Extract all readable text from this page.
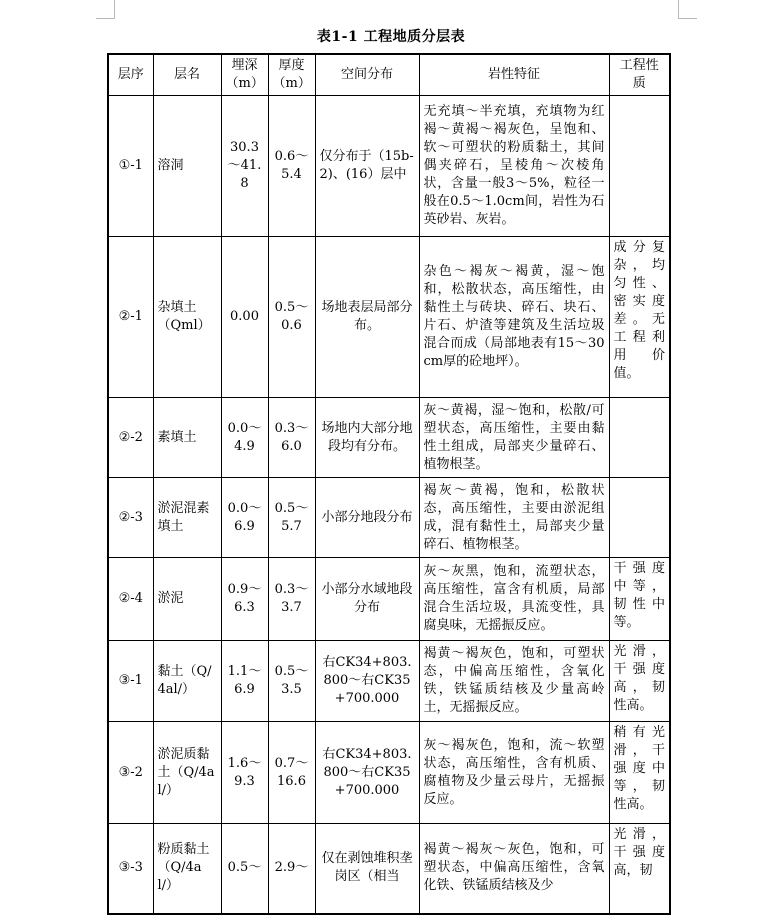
表1-1 工程地质分层表
层序	层名	埋深（m）	厚度（m）	空间分布	岩性特征	工程性质
①-1	溶洞	30.3～41.8	0.6～5.4	仅分布于（15b-2)、(16）层中	无充填～半充填，充填物为红褐～黄褐～褐灰色，呈饱和、软～可塑状的粉质黏土，其间偶夹碎石，呈棱角～次棱角状，含量一般3～5%，粒径一般在0.5～1.0cm间，岩性为石英砂岩、灰岩。	
②-1	杂填土（Qml）	0.00	0.5～0.6	场地表层局部分布。	杂色～褐灰～褐黄，湿～饱和，松散状态，高压缩性，由黏性土与砖块、碎石、块石、片石、炉渣等建筑及生活垃圾混合而成（局部地表有15～30cm厚的砼地坪）。	成分复杂，均匀性、密实度差。无工程利用价值。
②-2	素填土	0.0～4.9	0.3～6.0	场地内大部分地段均有分布。	灰～黄褐，湿～饱和，松散/可塑状态，高压缩性，主要由黏性土组成，局部夹少量碎石、植物根茎。	
②-3	淤泥混素填土	0.0～6.9	0.5～5.7	小部分地段分布	褐灰～黄褐，饱和，松散状态，高压缩性，主要由淤泥组成，混有黏性土，局部夹少量碎石、植物根茎。	
②-4	淤泥	0.9～6.3	0.3～3.7	小部分水域地段分布	灰～灰黑，饱和，流塑状态，高压缩性，富含有机质，局部混合生活垃圾，具流变性，具腐臭味，无摇振反应。	干强度中等，韧性中等。
③-1	黏土（Q/4al/）	1.1～6.9	0.5～3.5	右CK34+803.800～右CK35+700.000	褐黄～褐灰色，饱和，可塑状态，中偏高压缩性，含氧化铁，铁锰质结核及少量高岭土，无摇振反应。	光滑，干强度高，韧性高。
③-2	淤泥质黏土（Q/4al/）	1.6～9.3	0.7～16.6	右CK34+803.800～右CK35+700.000	灰～褐灰色，饱和，流～软塑状态，高压缩性，含有机质、腐植物及少量云母片，无摇振反应。	稍有光滑，干强度中等，韧性高。
③-3	粉质黏土（Q/4al/）	0.5～	2.9～	仅在剥蚀堆积垄岗区（相当	褐黄～褐灰～灰色，饱和，可塑状态，中偏高压缩性，含氧化铁、铁锰质结核及少	光滑，干强度高，韧
